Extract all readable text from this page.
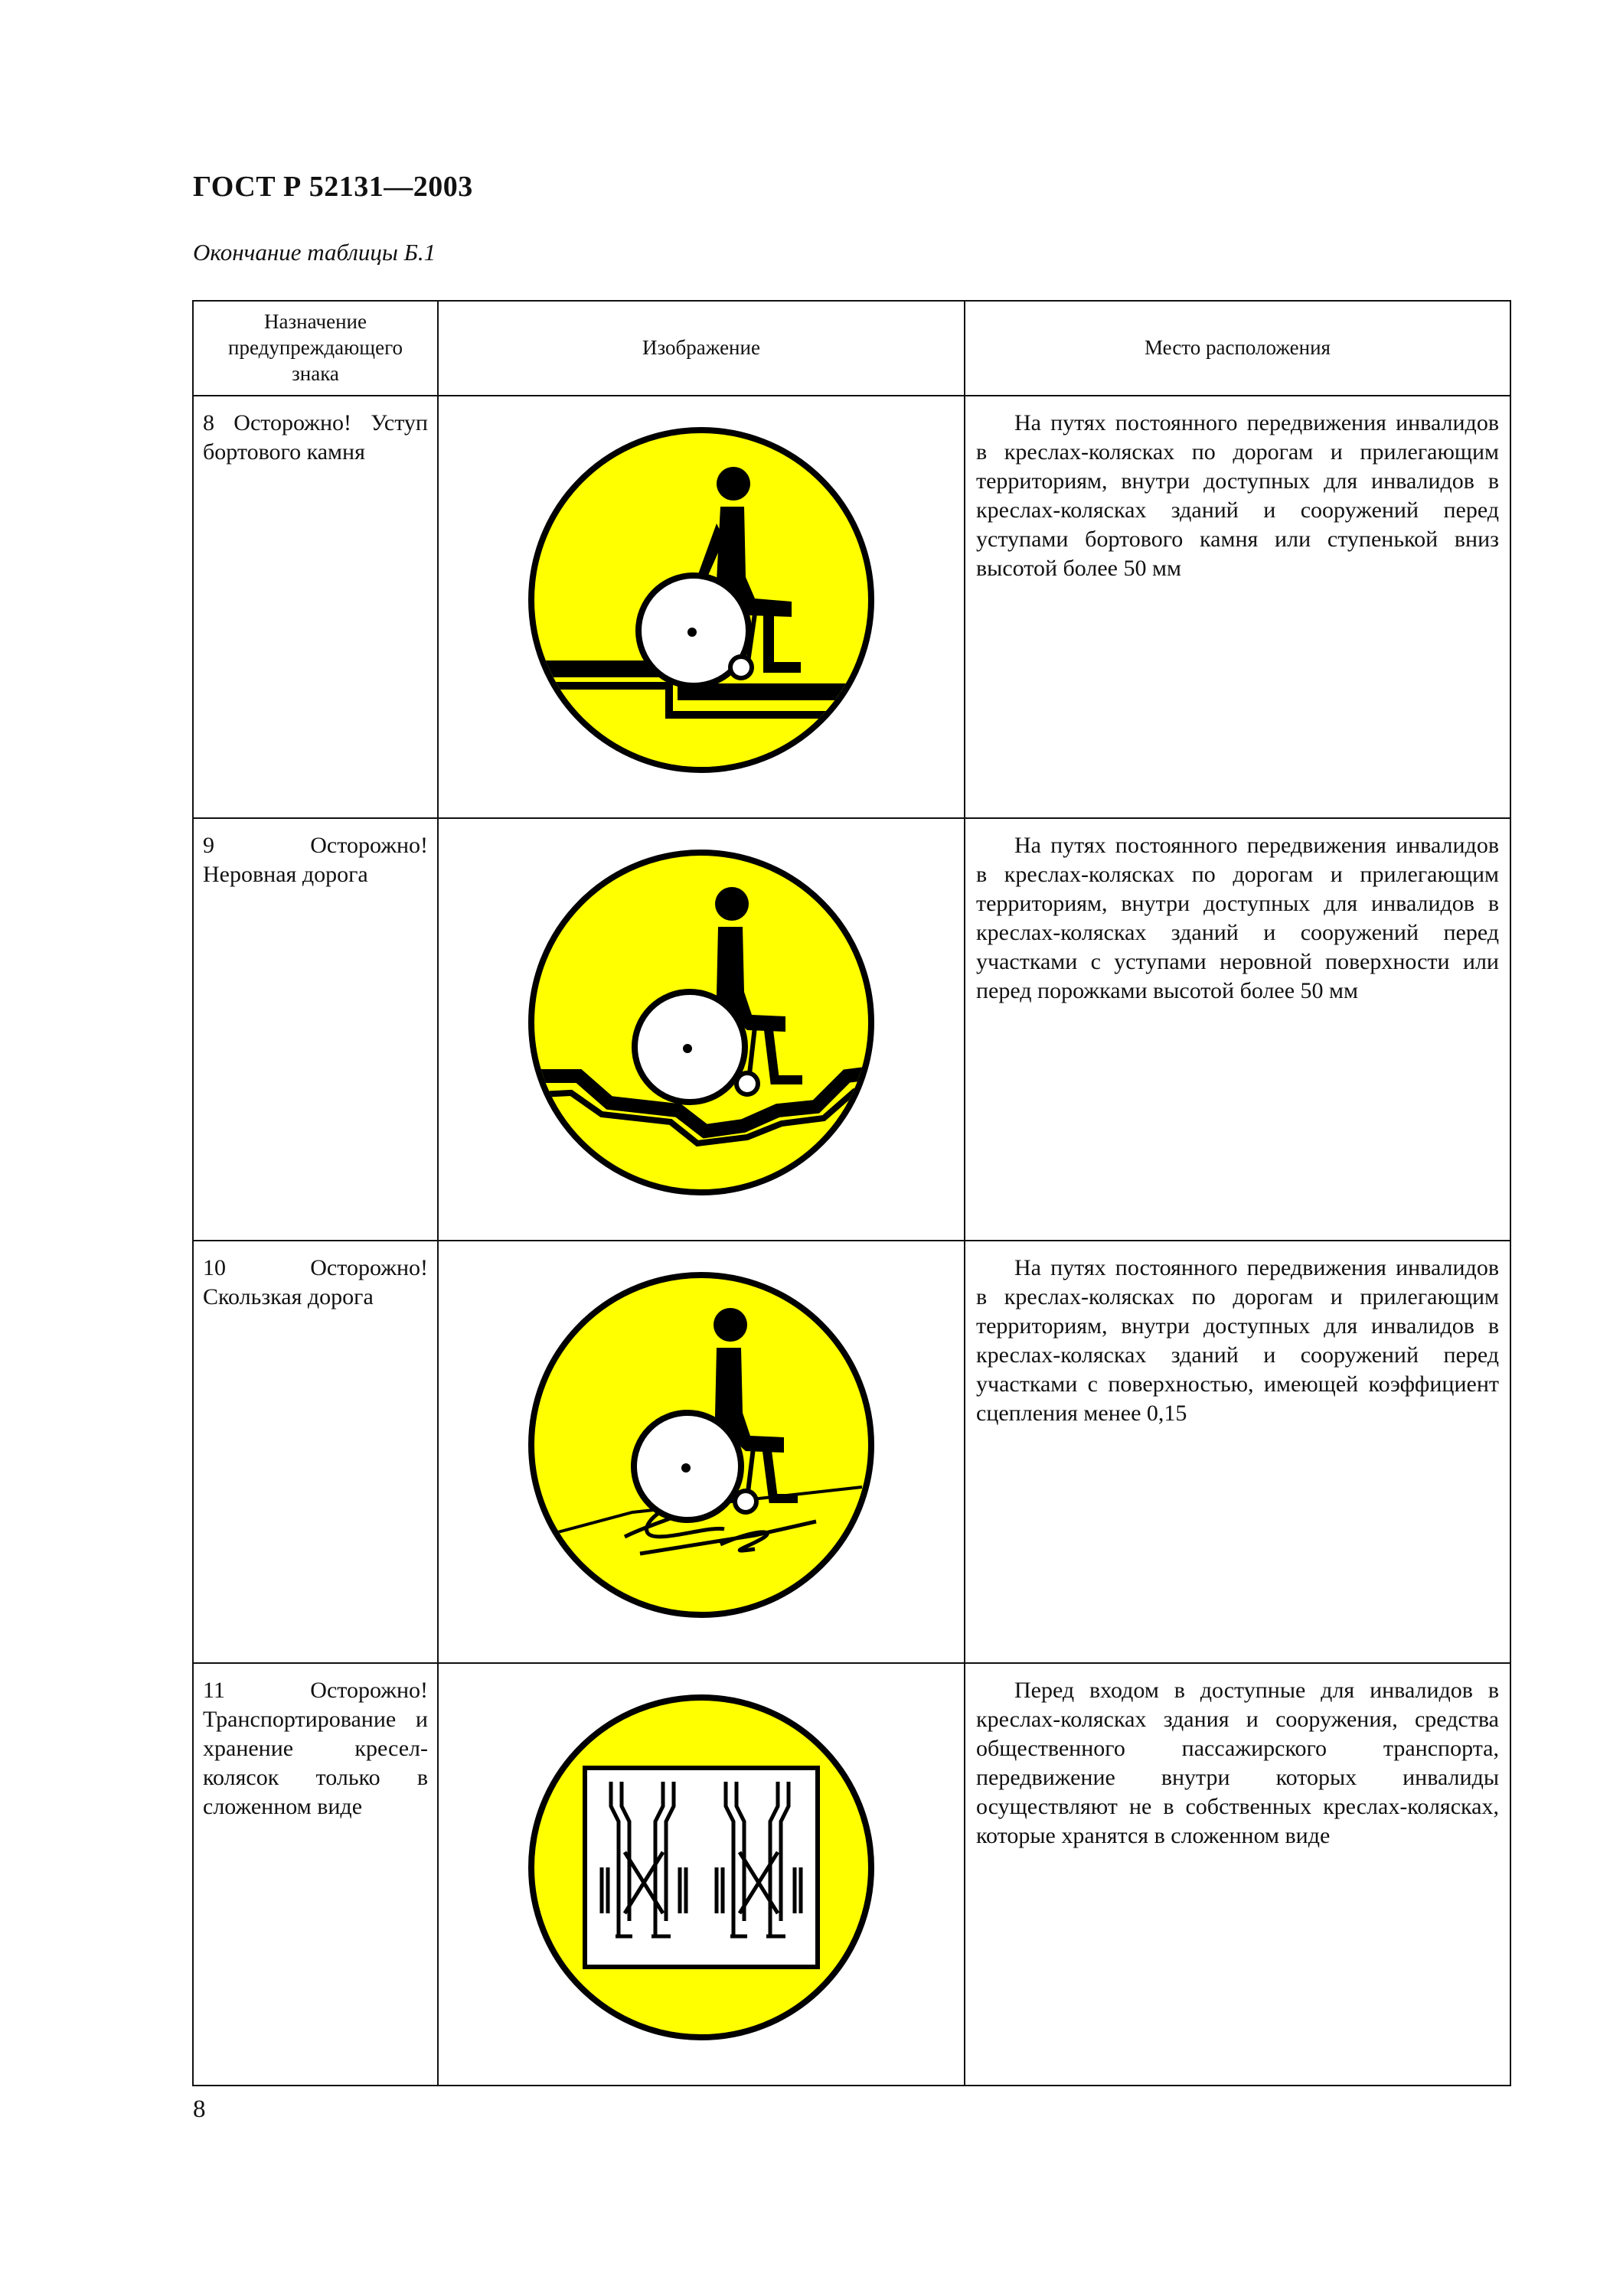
ГОСТ Р 52131—2003
Окончание таблицы Б.1
Назначение предупреждающего знака	Изображение	Место расположения
8 Осторожно! Уступ бортового камня		На путях постоянного передвижения инвалидов в креслах-колясках по дорогам и прилегающим территориям, внутри доступных для инвалидов в креслах-колясках зданий и сооружений перед уступами бортового камня или ступенькой вниз высотой более 50 мм
9 Осторожно! Неровная дорога		На путях постоянного передвижения инвалидов в креслах-колясках по дорогам и прилегающим территориям, внутри доступных для инвалидов в креслах-колясках зданий и сооружений перед участками с уступами неровной поверхности или перед порожками высотой более 50 мм
10 Осторожно! Скользкая дорога		На путях постоянного передвижения инвалидов в креслах-колясках по дорогам и прилегающим территориям, внутри доступных для инвалидов в креслах-колясках зданий и сооружений перед участками с поверхностью, имеющей коэффициент сцепления менее 0,15
11 Осторожно! Транспортирование и хранение кресел-колясок только в сложенном виде		Перед входом в доступные для инвалидов в креслах-колясках здания и сооружения, средства общественного пассажирского транспорта, передвижение внутри которых инвалиды осуществляют не в собственных креслах-колясках, которые хранятся в сложенном виде
8
